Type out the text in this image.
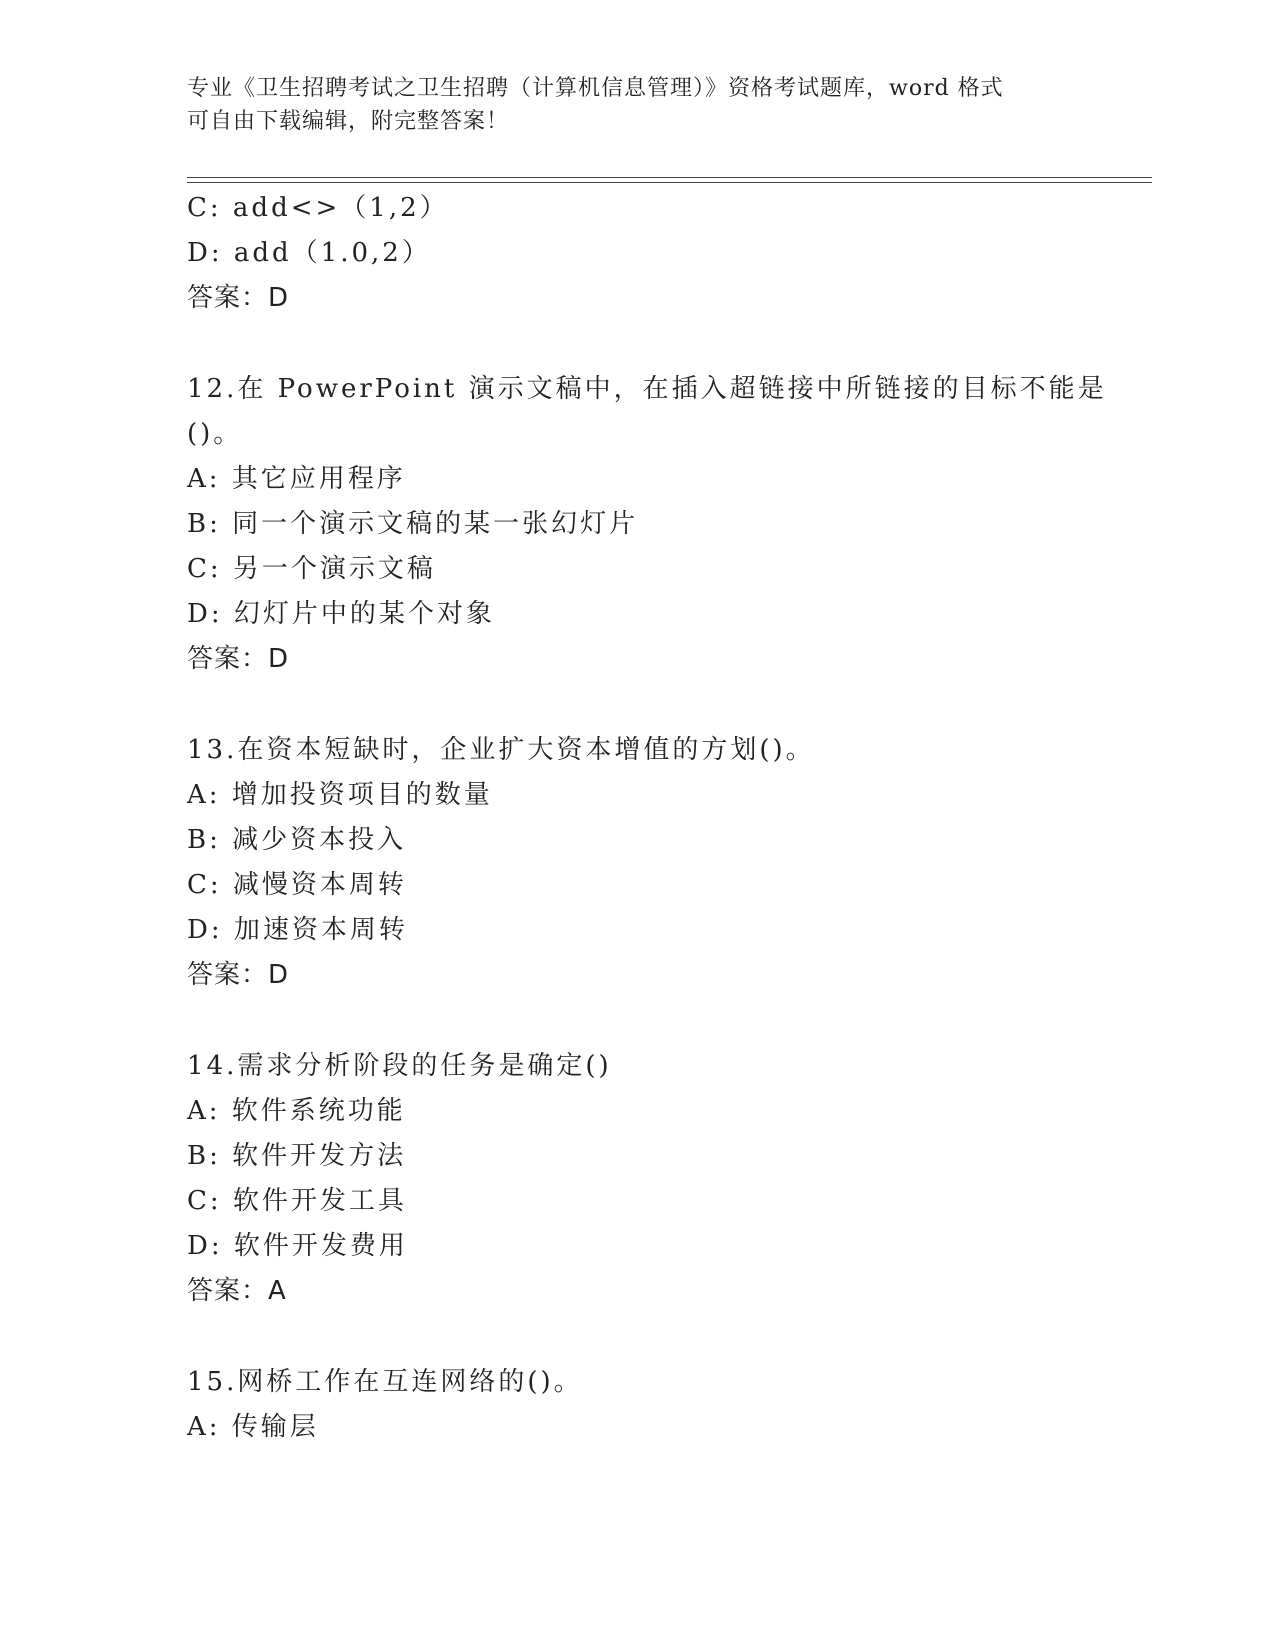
专业《卫生招聘考试之卫生招聘（计算机信息管理）》资格考试题库，word 格式
可自由下载编辑，附完整答案！
C: add<>（1,2）
D: add（1.0,2）
答案：D
12.在 PowerPoint 演示文稿中，在插入超链接中所链接的目标不能是
()。
A: 其它应用程序
B: 同一个演示文稿的某一张幻灯片
C: 另一个演示文稿
D: 幻灯片中的某个对象
答案：D
13.在资本短缺时，企业扩大资本增值的方划()。
A: 增加投资项目的数量
B: 减少资本投入
C: 减慢资本周转
D: 加速资本周转
答案：D
14.需求分析阶段的任务是确定()
A: 软件系统功能
B: 软件开发方法
C: 软件开发工具
D: 软件开发费用
答案：A
15.网桥工作在互连网络的()。
A: 传输层
